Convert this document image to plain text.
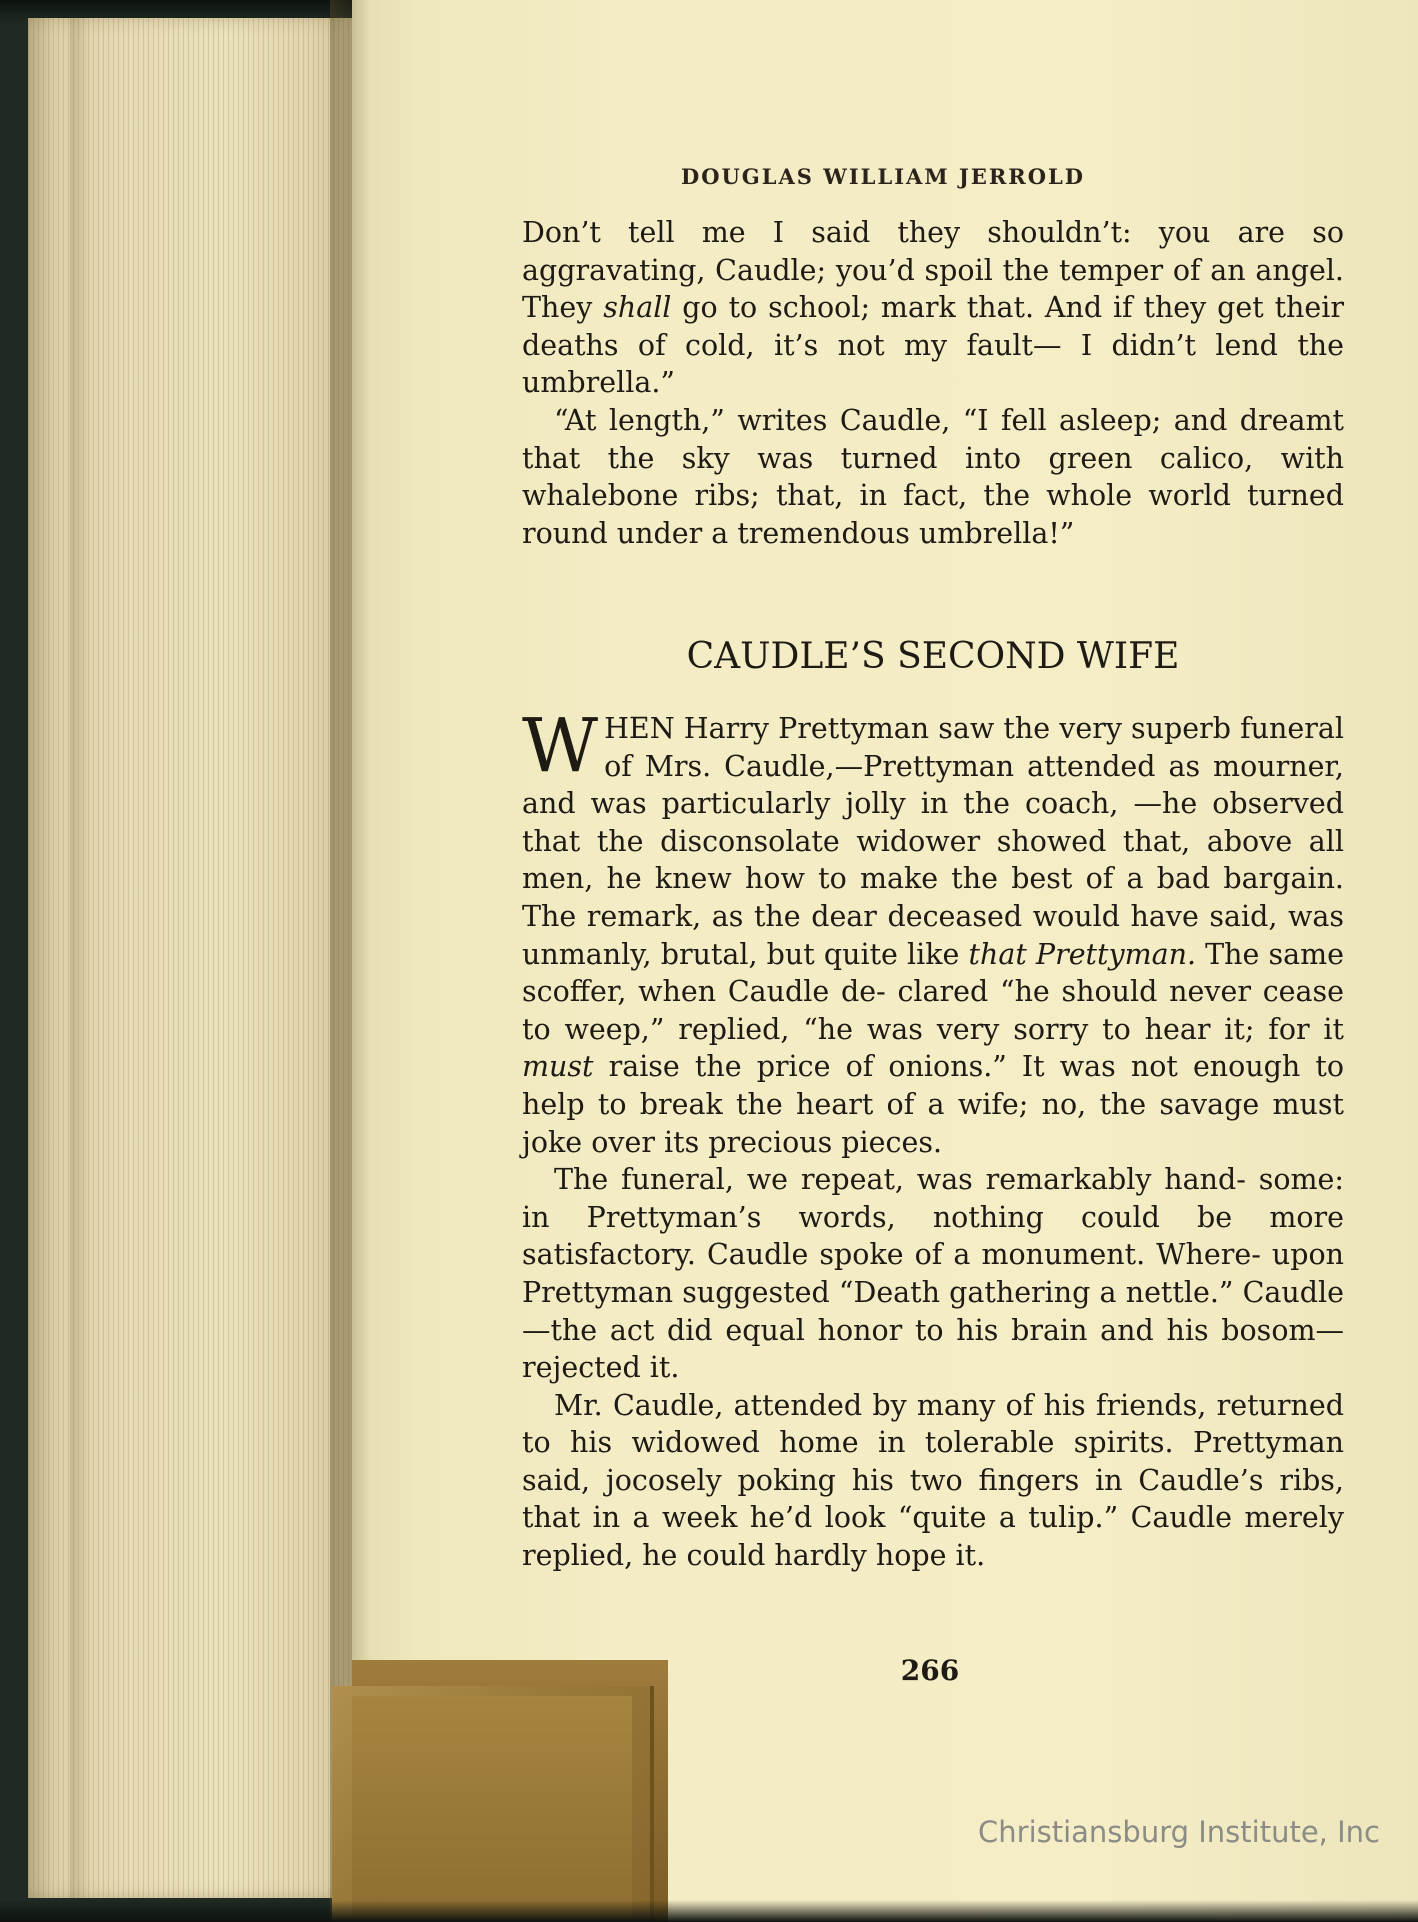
DOUGLAS WILLIAM JERROLD

Don’t tell me I said they shouldn’t: you are so aggravating, Caudle; you’d spoil the temper of an angel. They shall go to school; mark that. And if they get their deaths of cold, it’s not my fault— I didn’t lend the umbrella.”

“At length,” writes Caudle, “I fell asleep; and dreamt that the sky was turned into green calico, with whalebone ribs; that, in fact, the whole world turned round under a tremendous umbrella!”

CAUDLE’S SECOND WIFE

WHEN Harry Prettyman saw the very superb funeral of Mrs. Caudle,—Prettyman attended as mourner, and was particularly jolly in the coach, —he observed that the disconsolate widower showed that, above all men, he knew how to make the best of a bad bargain. The remark, as the dear deceased would have said, was unmanly, brutal, but quite like that Prettyman. The same scoffer, when Caudle de- clared “he should never cease to weep,” replied, “he was very sorry to hear it; for it must raise the price of onions.” It was not enough to help to break the heart of a wife; no, the savage must joke over its precious pieces.

The funeral, we repeat, was remarkably hand- some: in Prettyman’s words, nothing could be more satisfactory. Caudle spoke of a monument. Where- upon Prettyman suggested “Death gathering a nettle.” Caudle—the act did equal honor to his brain and his bosom—rejected it.

Mr. Caudle, attended by many of his friends, returned to his widowed home in tolerable spirits. Prettyman said, jocosely poking his two fingers in Caudle’s ribs, that in a week he’d look “quite a tulip.” Caudle merely replied, he could hardly hope it.

266
Christiansburg Institute, Inc
